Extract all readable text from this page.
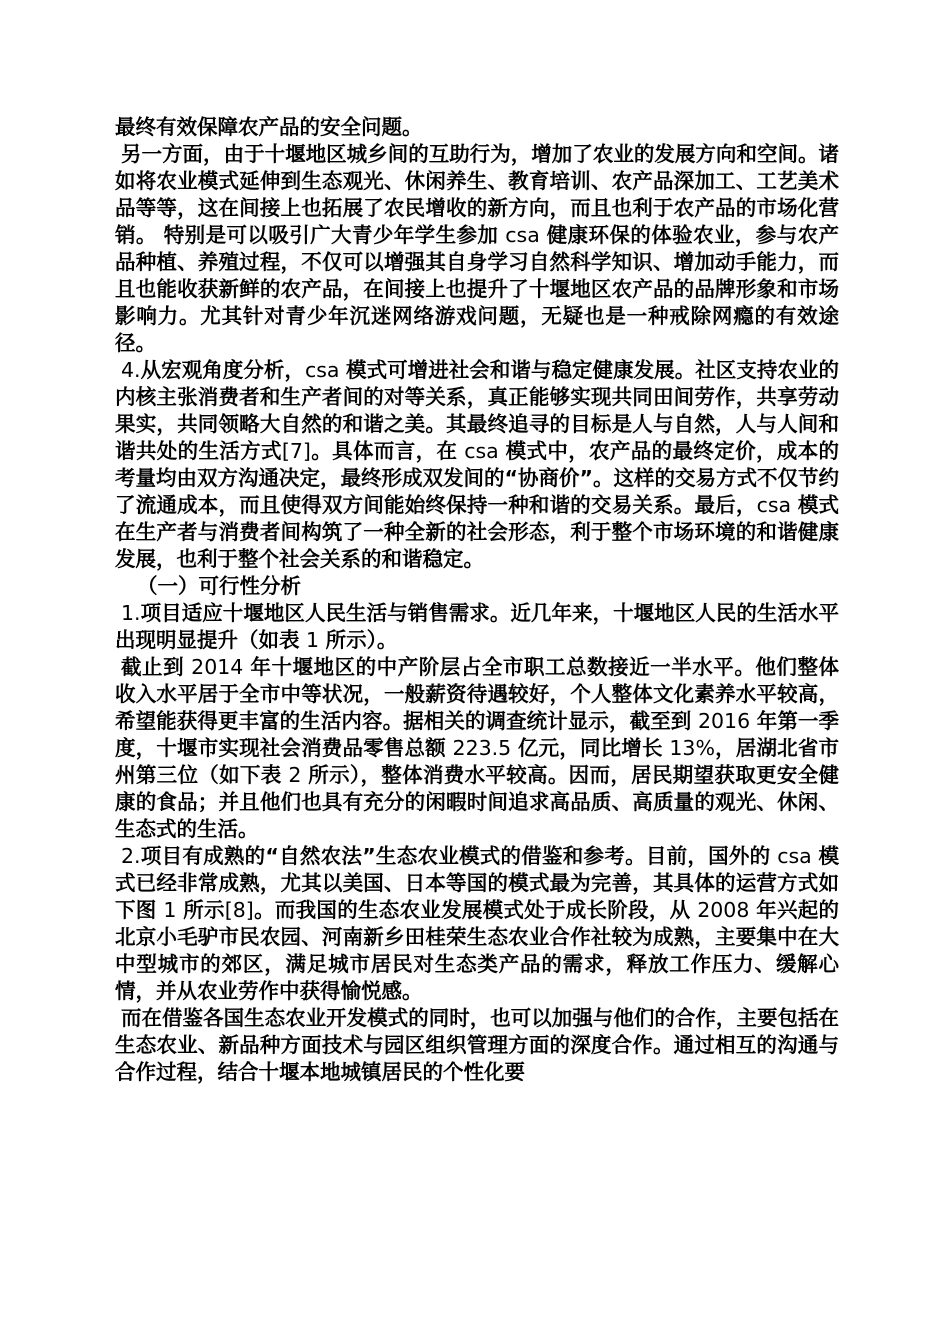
最终有效保障农产品的安全问题。

另一方面，由于十堰地区城乡间的互助行为，增加了农业的发展方向和空间。诸如将农业模式延伸到生态观光、休闲养生、教育培训、农产品深加工、工艺美术品等等，这在间接上也拓展了农民增收的新方向，而且也利于农产品的市场化营销。 特别是可以吸引广大青少年学生参加 csa 健康环保的体验农业，参与农产品种植、养殖过程，不仅可以增强其自身学习自然科学知识、增加动手能力，而且也能收获新鲜的农产品，在间接上也提升了十堰地区农产品的品牌形象和市场影响力。尤其针对青少年沉迷网络游戏问题，无疑也是一种戒除网瘾的有效途径。

4.从宏观角度分析，csa 模式可增进社会和谐与稳定健康发展。社区支持农业的内核主张消费者和生产者间的对等关系，真正能够实现共同田间劳作，共享劳动果实，共同领略大自然的和谐之美。其最终追寻的目标是人与自然，人与人间和谐共处的生活方式[7]。具体而言，在 csa 模式中，农产品的最终定价，成本的考量均由双方沟通决定，最终形成双发间的“协商价”。这样的交易方式不仅节约了流通成本，而且使得双方间能始终保持一种和谐的交易关系。最后，csa 模式在生产者与消费者间构筑了一种全新的社会形态，利于整个市场环境的和谐健康发展，也利于整个社会关系的和谐稳定。

（一）可行性分析

1.项目适应十堰地区人民生活与销售需求。近几年来，十堰地区人民的生活水平出现明显提升（如表 1 所示）。

截止到 2014 年十堰地区的中产阶层占全市职工总数接近一半水平。他们整体收入水平居于全市中等状况，一般薪资待遇较好，个人整体文化素养水平较高，希望能获得更丰富的生活内容。据相关的调查统计显示，截至到 2016 年第一季度，十堰市实现社会消费品零售总额 223.5 亿元，同比增长 13%，居湖北省市州第三位（如下表 2 所示），整体消费水平较高。因而，居民期望获取更安全健康的食品；并且他们也具有充分的闲暇时间追求高品质、高质量的观光、休闲、生态式的生活。

2.项目有成熟的“自然农法”生态农业模式的借鉴和参考。目前，国外的 csa 模式已经非常成熟，尤其以美国、日本等国的模式最为完善，其具体的运营方式如下图 1 所示[8]。而我国的生态农业发展模式处于成长阶段，从 2008 年兴起的北京小毛驴市民农园、河南新乡田桂荣生态农业合作社较为成熟，主要集中在大中型城市的郊区，满足城市居民对生态类产品的需求，释放工作压力、缓解心情，并从农业劳作中获得愉悦感。

而在借鉴各国生态农业开发模式的同时，也可以加强与他们的合作，主要包括在生态农业、新品种方面技术与园区组织管理方面的深度合作。通过相互的沟通与合作过程，结合十堰本地城镇居民的个性化要
